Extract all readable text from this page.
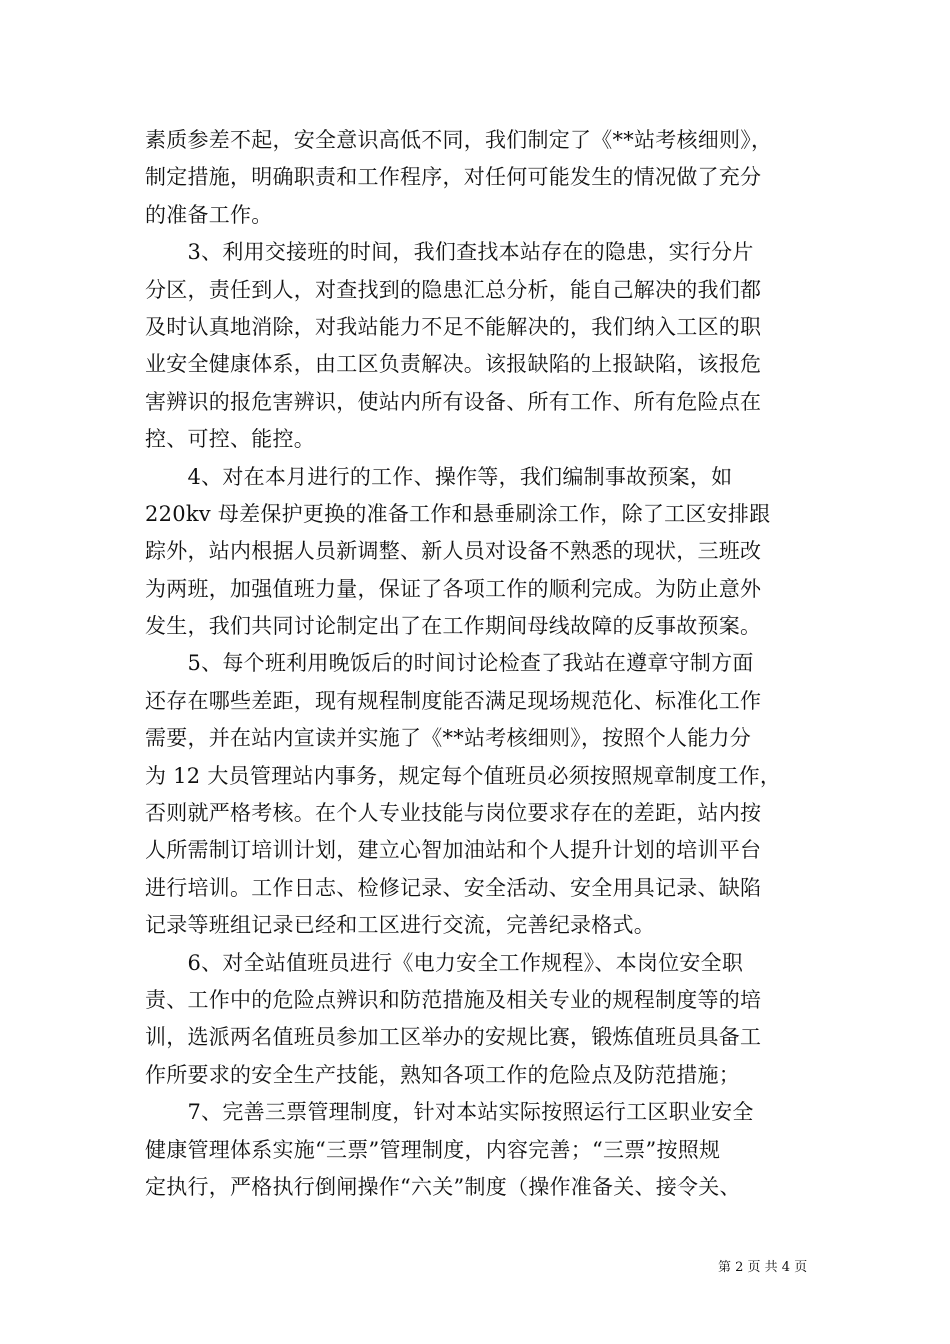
素质参差不起，安全意识高低不同，我们制定了《**站考核细则》，
制定措施，明确职责和工作程序，对任何可能发生的情况做了充分
的准备工作。
　　3、利用交接班的时间，我们查找本站存在的隐患，实行分片
分区，责任到人，对查找到的隐患汇总分析，能自己解决的我们都
及时认真地消除，对我站能力不足不能解决的，我们纳入工区的职
业安全健康体系，由工区负责解决。该报缺陷的上报缺陷，该报危
害辨识的报危害辨识，使站内所有设备、所有工作、所有危险点在
控、可控、能控。
　　4、对在本月进行的工作、操作等，我们编制事故预案，如
220kv 母差保护更换的准备工作和悬垂刷涂工作，除了工区安排跟
踪外，站内根据人员新调整、新人员对设备不熟悉的现状，三班改
为两班，加强值班力量，保证了各项工作的顺利完成。为防止意外
发生，我们共同讨论制定出了在工作期间母线故障的反事故预案。
　　5、每个班利用晚饭后的时间讨论检查了我站在遵章守制方面
还存在哪些差距，现有规程制度能否满足现场规范化、标准化工作
需要，并在站内宣读并实施了《**站考核细则》，按照个人能力分
为 12 大员管理站内事务，规定每个值班员必须按照规章制度工作，
否则就严格考核。在个人专业技能与岗位要求存在的差距，站内按
人所需制订培训计划，建立心智加油站和个人提升计划的培训平台
进行培训。工作日志、检修记录、安全活动、安全用具记录、缺陷
记录等班组记录已经和工区进行交流，完善纪录格式。
　　6、对全站值班员进行《电力安全工作规程》、本岗位安全职
责、工作中的危险点辨识和防范措施及相关专业的规程制度等的培
训，选派两名值班员参加工区举办的安规比赛，锻炼值班员具备工
作所要求的安全生产技能，熟知各项工作的危险点及防范措施；
　　7、完善三票管理制度，针对本站实际按照运行工区职业安全
健康管理体系实施“三票”管理制度，内容完善；“三票”按照规
定执行，严格执行倒闸操作“六关”制度（操作准备关、接令关、
第 2 页 共 4 页
